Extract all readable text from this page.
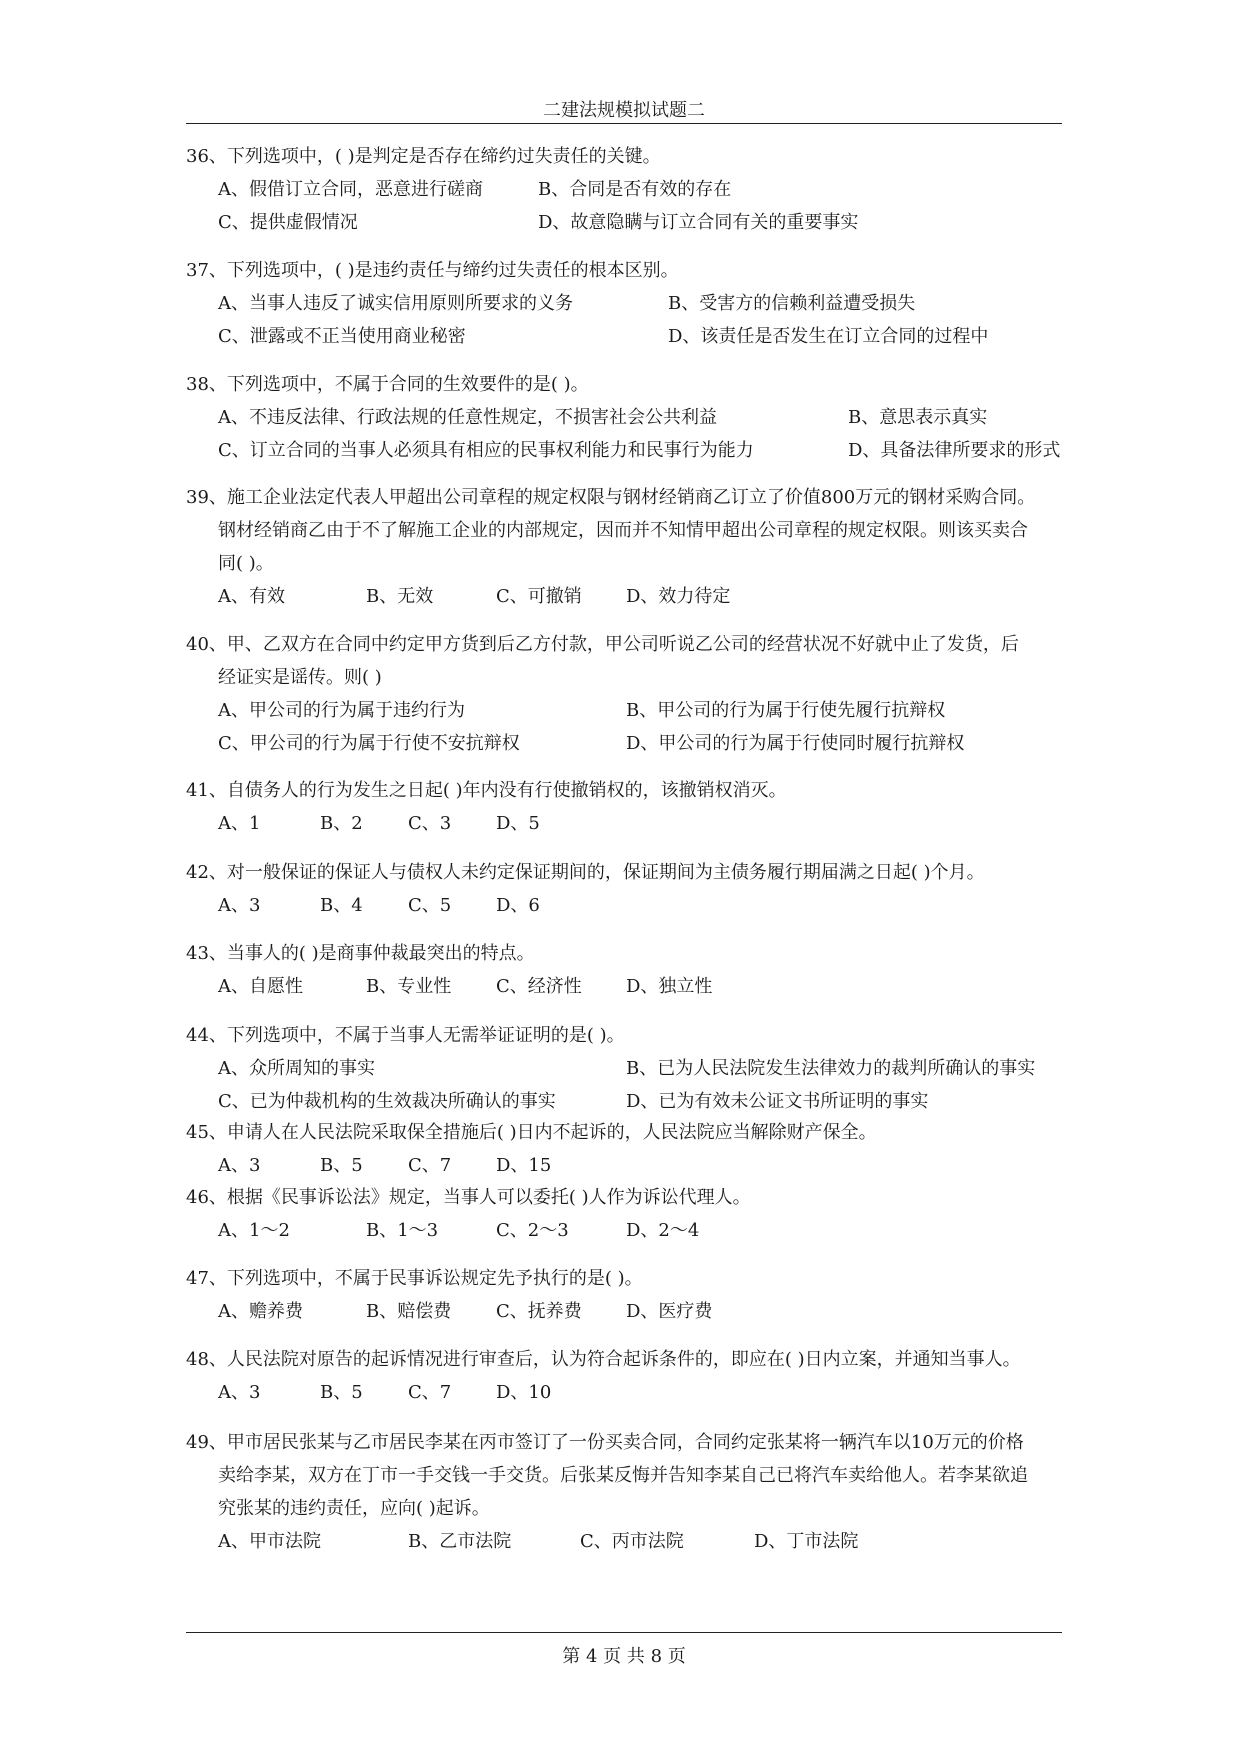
二建法规模拟试题二
36、下列选项中，( )是判定是否存在缔约过失责任的关键。
A、假借订立合同，恶意进行磋商	B、合同是否有效的存在
C、提供虚假情况	D、故意隐瞒与订立合同有关的重要事实
37、下列选项中，( )是违约责任与缔约过失责任的根本区别。
A、当事人违反了诚实信用原则所要求的义务	B、受害方的信赖利益遭受损失
C、泄露或不正当使用商业秘密	D、该责任是否发生在订立合同的过程中
38、下列选项中，不属于合同的生效要件的是( )。
A、不违反法律、行政法规的任意性规定，不损害社会公共利益	B、意思表示真实
C、订立合同的当事人必须具有相应的民事权利能力和民事行为能力	D、具备法律所要求的形式
39、施工企业法定代表人甲超出公司章程的规定权限与钢材经销商乙订立了价值800万元的钢材采购合同。
钢材经销商乙由于不了解施工企业的内部规定，因而并不知情甲超出公司章程的规定权限。则该买卖合
同( )。
A、有效	B、无效	C、可撤销 D、效力待定
40、甲、乙双方在合同中约定甲方货到后乙方付款，甲公司听说乙公司的经营状况不好就中止了发货，后
经证实是谣传。则( )
A、甲公司的行为属于违约行为	B、甲公司的行为属于行使先履行抗辩权
C、甲公司的行为属于行使不安抗辩权	D、甲公司的行为属于行使同时履行抗辩权
41、自债务人的行为发生之日起( )年内没有行使撤销权的，该撤销权消灭。
A、1	B、2	C、3 D、5
42、对一般保证的保证人与债权人未约定保证期间的，保证期间为主债务履行期届满之日起( )个月。
A、3	B、4	C、5 D、6
43、当事人的( )是商事仲裁最突出的特点。
A、自愿性	B、专业性 C、经济性 D、独立性
44、下列选项中，不属于当事人无需举证证明的是( )。
A、众所周知的事实	B、已为人民法院发生法律效力的裁判所确认的事实
C、已为仲裁机构的生效裁决所确认的事实	D、已为有效未公证文书所证明的事实
45、申请人在人民法院采取保全措施后( )日内不起诉的，人民法院应当解除财产保全。
A、3	B、5	C、7 D、15
46、根据《民事诉讼法》规定，当事人可以委托( )人作为诉讼代理人。
A、1～2	B、1～3	C、2～3	D、2～4
47、下列选项中，不属于民事诉讼规定先予执行的是( )。
A、赡养费	B、赔偿费 C、抚养费 D、医疗费
48、人民法院对原告的起诉情况进行审查后，认为符合起诉条件的，即应在( )日内立案，并通知当事人。
A、3	B、5	C、7 D、10
49、甲市居民张某与乙市居民李某在丙市签订了一份买卖合同，合同约定张某将一辆汽车以10万元的价格
卖给李某，双方在丁市一手交钱一手交货。后张某反悔并告知李某自己已将汽车卖给他人。若李某欲追
究张某的违约责任，应向( )起诉。
A、甲市法院	B、乙市法院	C、丙市法院	D、丁市法院
第 4 页 共 8 页
